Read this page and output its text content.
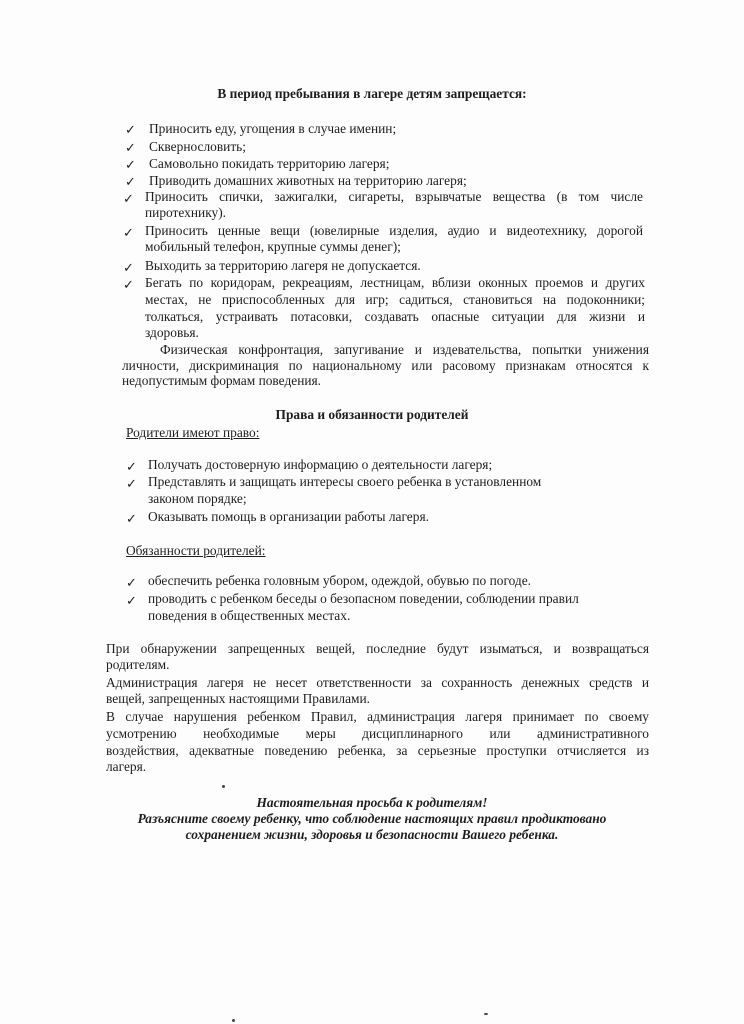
В период пребывания в лагере детям запрещается:
✓ Приносить еду, угощения в случае именин;
✓ Сквернословить;
✓ Самовольно покидать территорию лагеря;
✓ Приводить домашних животных на территорию лагеря;
✓ Приносить спички, зажигалки, сигареты, взрывчатые вещества (в том числе
пиротехнику).
✓ Приносить ценные вещи (ювелирные изделия, аудио и видеотехнику, дорогой
мобильный телефон, крупные суммы денег);
✓ Выходить за территорию лагеря не допускается.
✓ Бегать по коридорам, рекреациям, лестницам, вблизи оконных проемов и других
местах, не приспособленных для игр; садиться, становиться на подоконники;
толкаться, устраивать потасовки, создавать опасные ситуации для жизни и
здоровья.
Физическая конфронтация, запугивание и издевательства, попытки унижения
личности, дискриминация по национальному или расовому признакам относятся к
недопустимым формам поведения.
Права и обязанности родителей
Родители имеют право:
✓ Получать достоверную информацию о деятельности лагеря;
✓ Представлять и защищать интересы своего ребенка в установленном
законом порядке;
✓ Оказывать помощь в организации работы лагеря.
Обязанности родителей:
✓ обеспечить ребенка головным убором, одеждой, обувью по погоде.
✓ проводить с ребенком беседы о безопасном поведении, соблюдении правил
поведения в общественных местах.
При обнаружении запрещенных вещей, последние будут изыматься, и возвращаться
родителям.
Администрация лагеря не несет ответственности за сохранность денежных средств и
вещей, запрещенных настоящими Правилами.
В случае нарушения ребенком Правил, администрация лагеря принимает по своему
усмотрению необходимые меры дисциплинарного или административного
воздействия, адекватные поведению ребенка, за серьезные проступки отчисляется из
лагеря.
Настоятельная просьба к родителям!
Разъясните своему ребенку, что соблюдение настоящих правил продиктовано
сохранением жизни, здоровья и безопасности Вашего ребенка.
